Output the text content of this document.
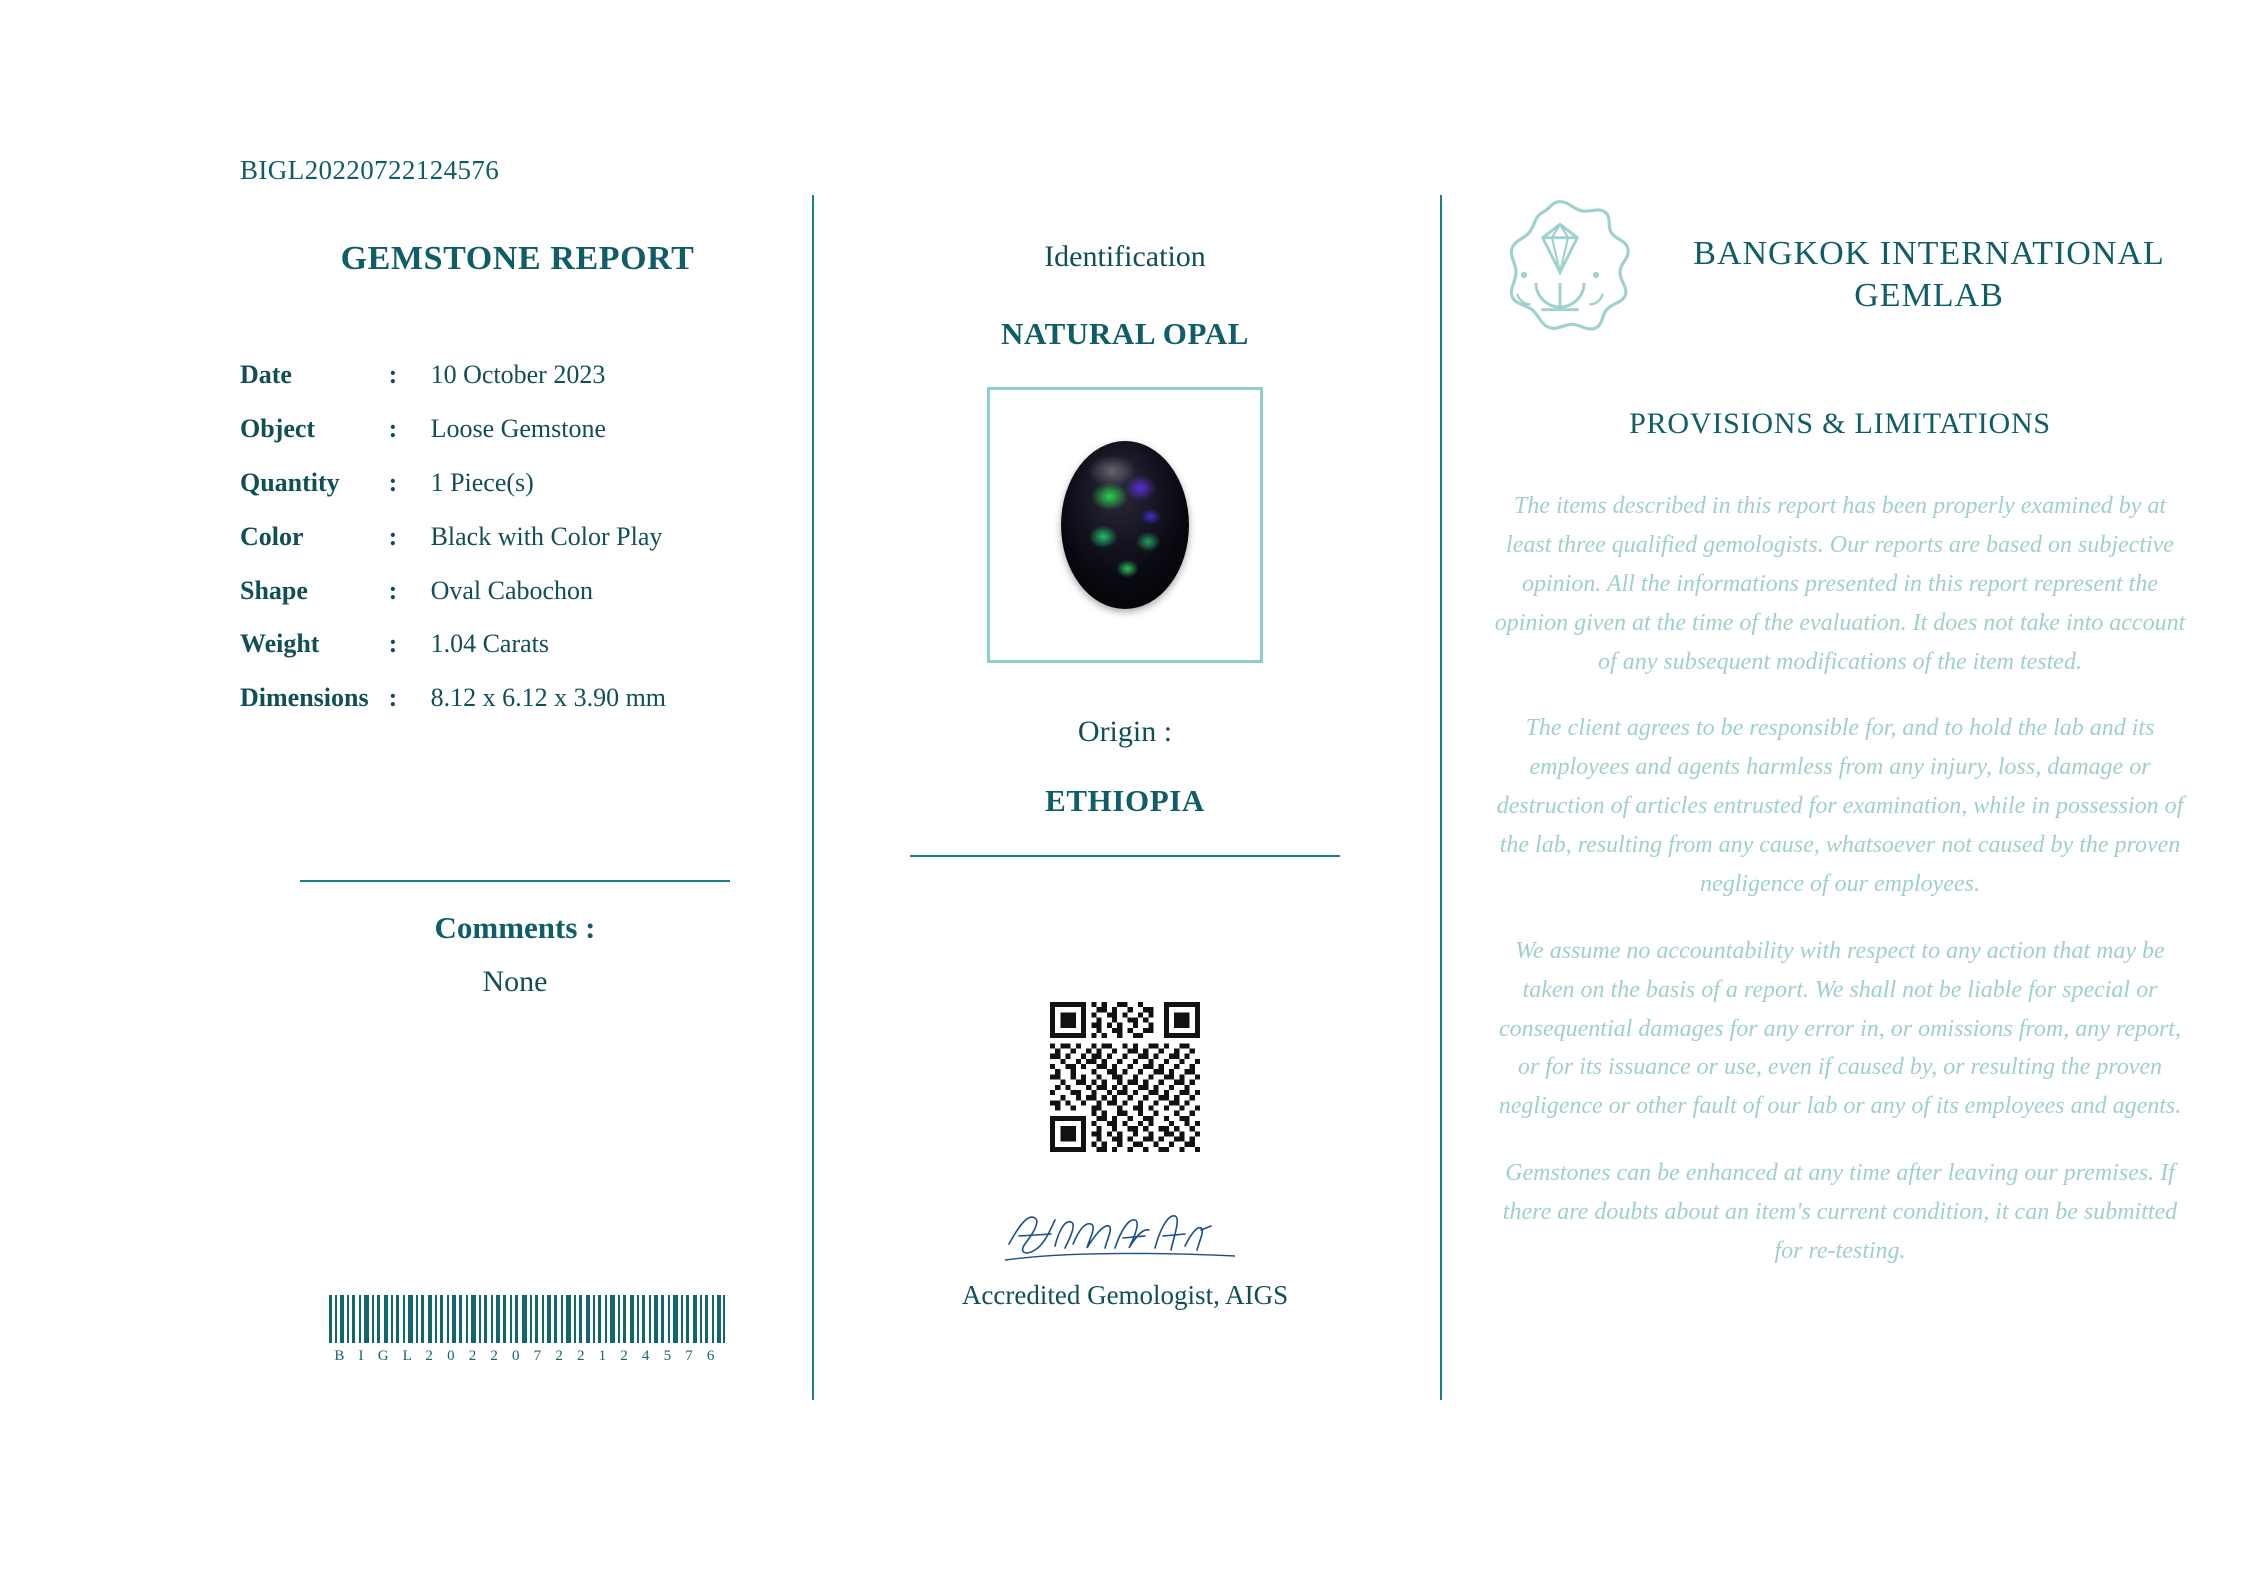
BIGL20220722124576
GEMSTONE REPORT
Date	:	10 October 2023
Object	:	Loose Gemstone
Quantity	:	1 Piece(s)
Color	:	Black with Color Play
Shape	:	Oval Cabochon
Weight	:	1.04 Carats
Dimensions	:	8.12 x 6.12 x 3.90 mm
Comments :
None
B I G L 2 0 2 2 0 7 2 2 1 2 4 5 7 6
Identification
NATURAL OPAL
Origin :
ETHIOPIA
Accredited Gemologist, AIGS
BANGKOK INTERNATIONAL GEMLAB
PROVISIONS & LIMITATIONS

The items described in this report has been properly examined by at least three qualified gemologists. Our reports are based on subjective opinion. All the informations presented in this report represent the opinion given at the time of the evaluation. It does not take into account of any subsequent modifications of the item tested.

The client agrees to be responsible for, and to hold the lab and its employees and agents harmless from any injury, loss, damage or destruction of articles entrusted for examination, while in possession of the lab, resulting from any cause, whatsoever not caused by the proven negligence of our employees.

We assume no accountability with respect to any action that may be taken on the basis of a report. We shall not be liable for special or consequential damages for any error in, or omissions from, any report, or for its issuance or use, even if caused by, or resulting the proven negligence or other fault of our lab or any of its employees and agents.

Gemstones can be enhanced at any time after leaving our premises. If there are doubts about an item's current condition, it can be submitted for re-testing.
